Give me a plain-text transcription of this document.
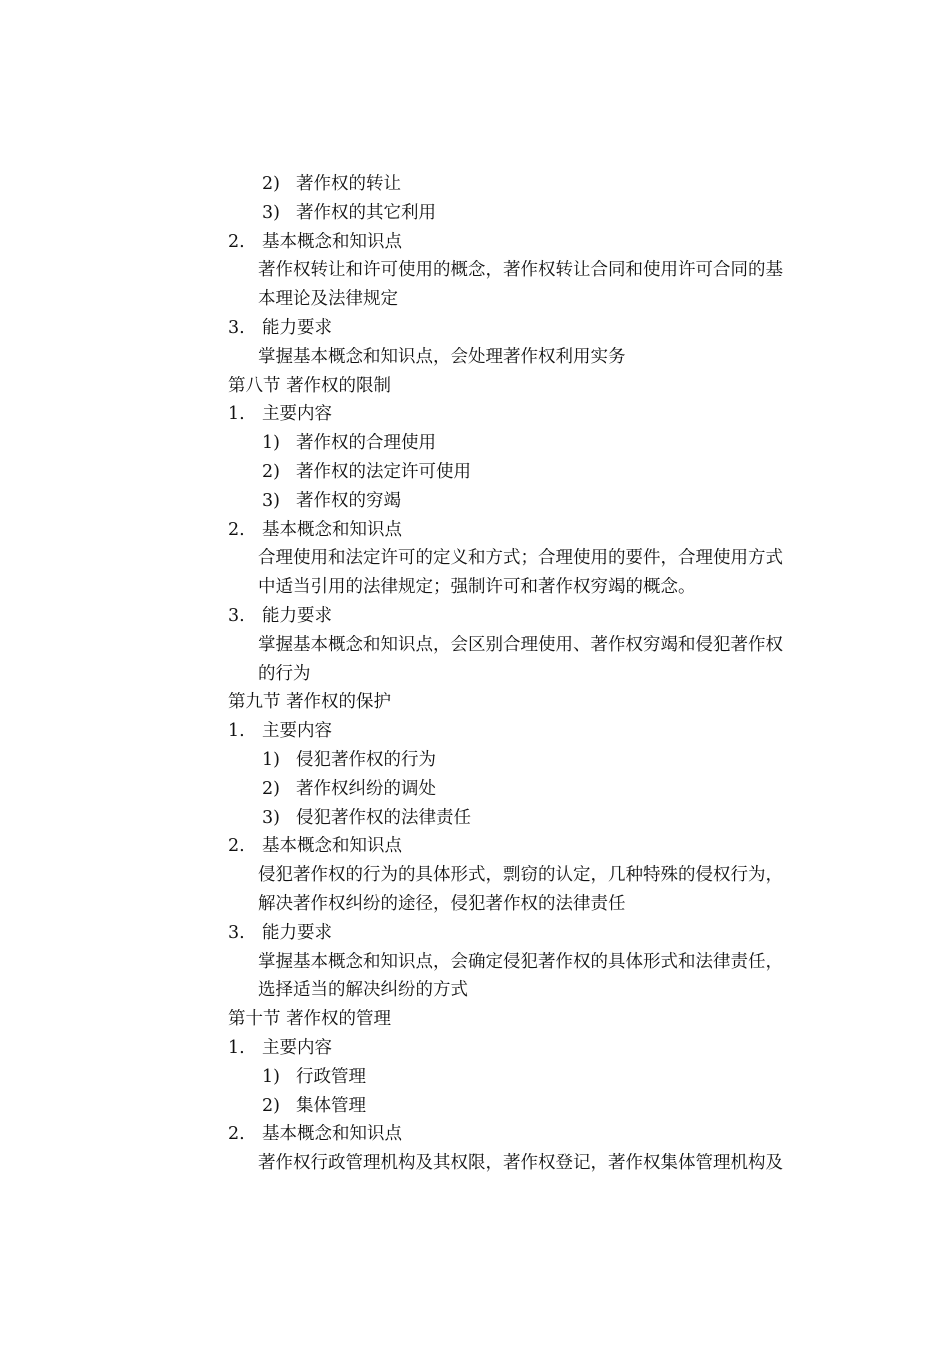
2) 著作权的转让
3) 著作权的其它利用
2. 基本概念和知识点
著作权转让和许可使用的概念，著作权转让合同和使用许可合同的基
本理论及法律规定
3. 能力要求
掌握基本概念和知识点，会处理著作权利用实务
第八节 著作权的限制
1. 主要内容
1) 著作权的合理使用
2) 著作权的法定许可使用
3) 著作权的穷竭
2. 基本概念和知识点
合理使用和法定许可的定义和方式；合理使用的要件，合理使用方式
中适当引用的法律规定；强制许可和著作权穷竭的概念。
3. 能力要求
掌握基本概念和知识点，会区别合理使用、著作权穷竭和侵犯著作权
的行为
第九节 著作权的保护
1. 主要内容
1) 侵犯著作权的行为
2) 著作权纠纷的调处
3) 侵犯著作权的法律责任
2. 基本概念和知识点
侵犯著作权的行为的具体形式，剽窃的认定，几种特殊的侵权行为，
解决著作权纠纷的途径，侵犯著作权的法律责任
3. 能力要求
掌握基本概念和知识点，会确定侵犯著作权的具体形式和法律责任，
选择适当的解决纠纷的方式
第十节 著作权的管理
1. 主要内容
1) 行政管理
2) 集体管理
2. 基本概念和知识点
著作权行政管理机构及其权限，著作权登记，著作权集体管理机构及
